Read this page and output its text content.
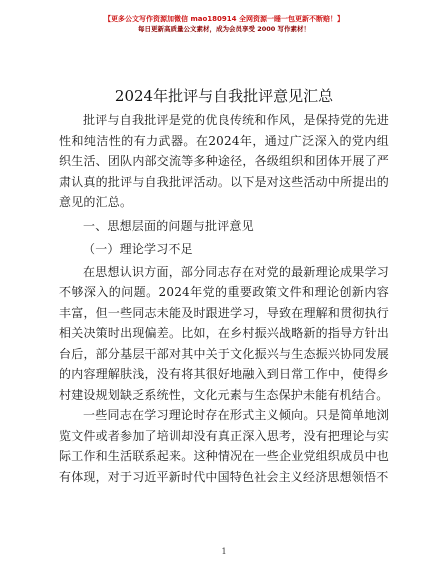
【更多公文写作资源加微信 mao180914 全网资源一睡一包更新不断赔！】
每日更新高质量公文素材，成为会员享受 2000 写作素材！
2024年批评与自我批评意见汇总

批评与自我批评是党的优良传统和作风，是保持党的先进性和纯洁性的有力武器。在2024年，通过广泛深入的党内组织生活、团队内部交流等多种途径，各级组织和团体开展了严肃认真的批评与自我批评活动。以下是对这些活动中所提出的意见的汇总。

一、思想层面的问题与批评意见

（一）理论学习不足

在思想认识方面，部分同志存在对党的最新理论成果学习不够深入的问题。2024年党的重要政策文件和理论创新内容丰富，但一些同志未能及时跟进学习，导致在理解和贯彻执行相关决策时出现偏差。比如，在乡村振兴战略新的指导方针出台后，部分基层干部对其中关于文化振兴与生态振兴协同发展的内容理解肤浅，没有将其很好地融入到日常工作中，使得乡村建设规划缺乏系统性，文化元素与生态保护未能有机结合。

一些同志在学习理论时存在形式主义倾向。只是简单地浏览文件或者参加了培训却没有真正深入思考，没有把理论与实际工作和生活联系起来。这种情况在一些企业党组织成员中也有体现，对于习近平新时代中国特色社会主义经济思想领悟不

1
